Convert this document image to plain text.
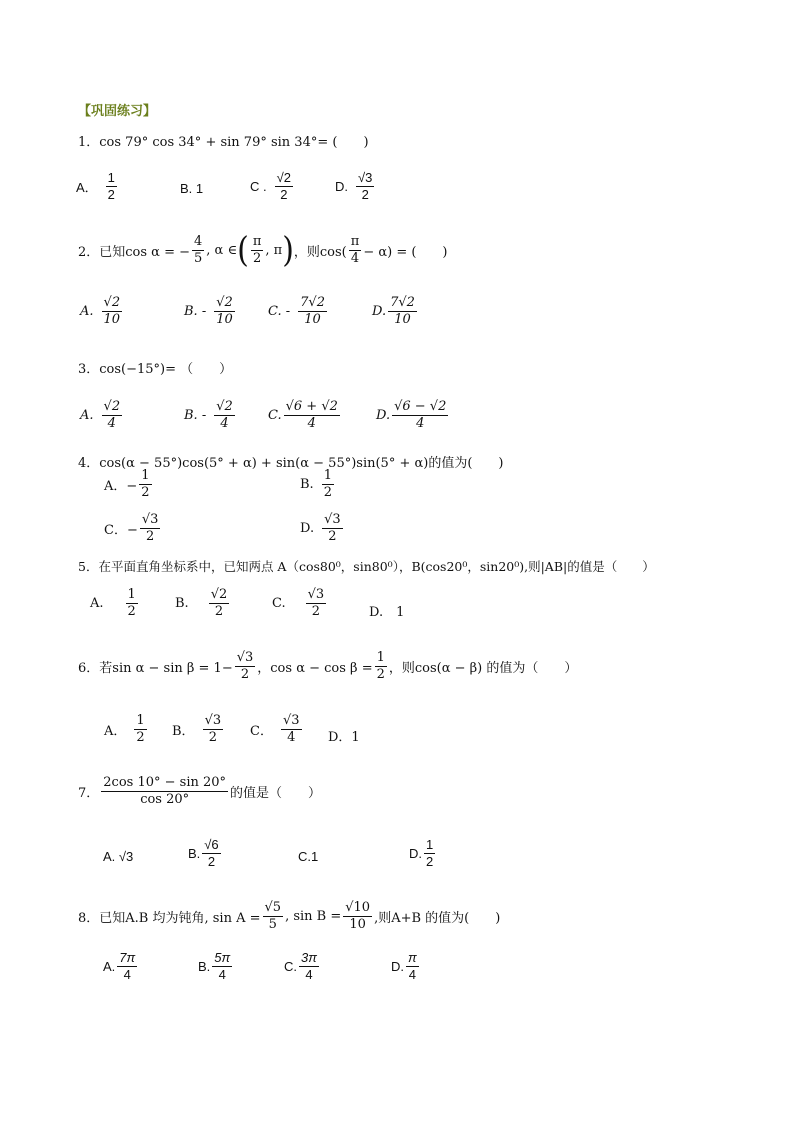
【巩固练习】
1．cos 79° cos 34° + sin 79° sin 34°= (　　)
A． $\frac{1}{2}$	B. 1	C . $\frac{√2}{2}$	D. $\frac{√3}{2}$
2．已知cos α = − $\frac{4}{5}$ , α ∈ ( $\frac{\pi}{2}$ , π ) ，则$\cos( \frac{\pi}{4} - \alpha)$ = (　　)
A. $\frac{√2}{10}$	B. - $\frac{√2}{10}$	C. - $\frac{7√2}{10}$	D. $\frac{7√2}{10}$
3．cos(−15°)= （　　）
A. $\frac{√2}{4}$	B. - $\frac{√2}{4}$	C. $\frac{√6 + √2}{4}$	D. $\frac{√6 - √2}{4}$
4．cos(α − 55°)cos(5° + α) + sin(α − 55°)sin(5° + α)的值为(　　)
A．− $\frac{1}{2}$	B. $\frac{1}{2}$
C．− $\frac{√3}{2}$	D. $\frac{√3}{2}$
5．在平面直角坐标系中，已知两点 A（cos80⁰，sin80⁰），B(cos20⁰，sin20⁰),则|AB|的值是（　　）
A. $\frac{1}{2}$	B. $\frac{√2}{2}$	C. $\frac{√3}{2}$	D.　1
6．若$\sin \alpha - \sin \beta = 1- \frac{√3}{2}$ ，$\cos \alpha - \cos \beta = \frac{1}{2}$ ，则cos(α − β) 的值为（　　）
A． $\frac{1}{2}$ B． $\frac{√3}{2}$ C． $\frac{√3}{4}$ D．1
7． $\frac{2\cos 10^\circ - \sin 20^\circ}{\cos 20^\circ}$ 的值是（　　）
A. √3	B. $\frac{√6}{2}$	C.1	D. $\frac{1}{2}$
8．已知A.B 均为钝角, $\sin A = \frac{√5}{5}$ , $\sin B = \frac{√10}{10}$ ,则A+B 的值为(　　)
A. $\frac{7\pi}{4}$	B. $\frac{5\pi}{4}$	C. $\frac{3\pi}{4}$	D. $\frac{\pi}{4}$
